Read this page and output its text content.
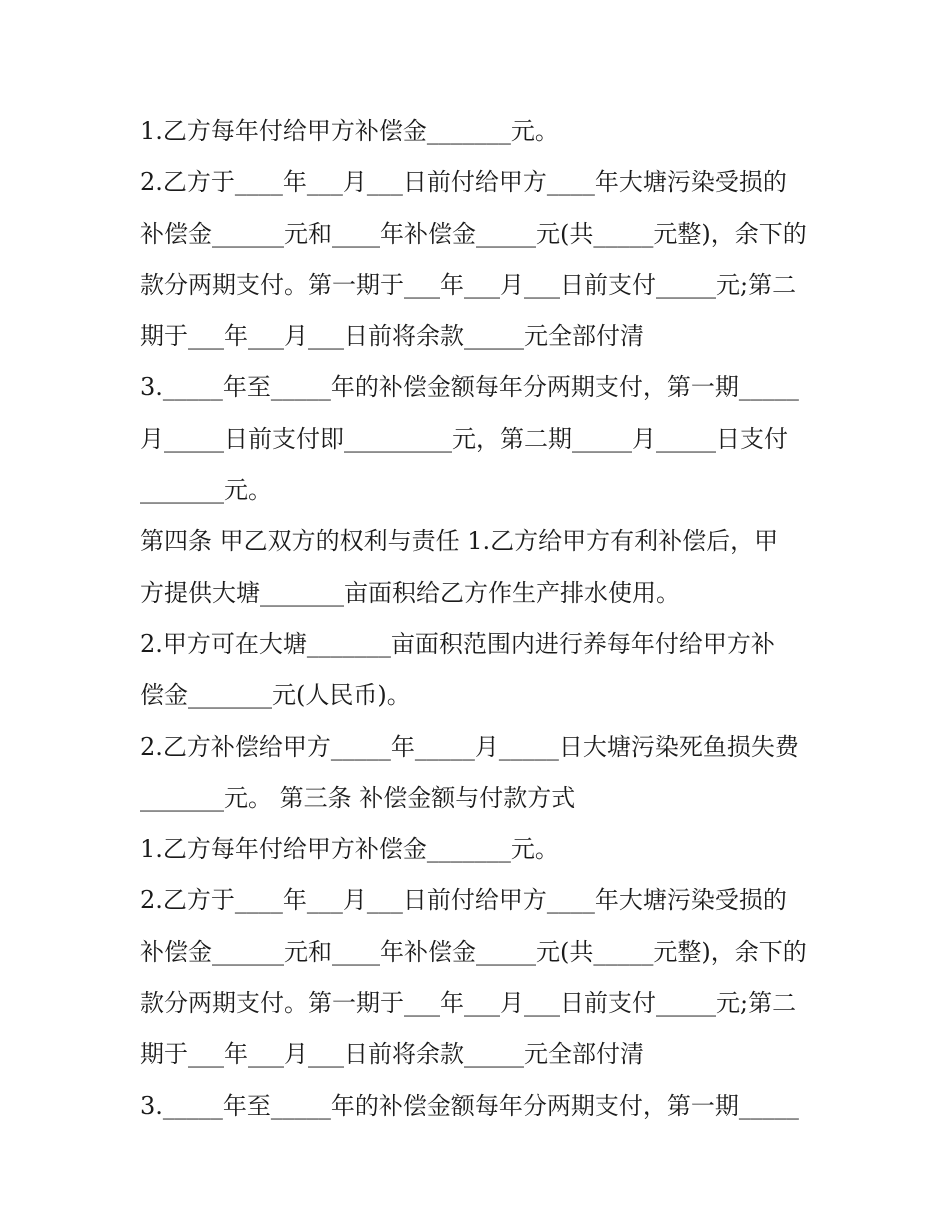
1.乙方每年付给甲方补偿金_______元。
2.乙方于____年___月___日前付给甲方____年大塘污染受损的
补偿金______元和____年补偿金_____元(共_____元整)，余下的
款分两期支付。第一期于___年___月___日前支付_____元;第二
期于___年___月___日前将余款_____元全部付清
3._____年至_____年的补偿金额每年分两期支付，第一期_____
月_____日前支付即_________元，第二期_____月_____日支付
_______元。
第四条 甲乙双方的权利与责任 1.乙方给甲方有利补偿后，甲
方提供大塘_______亩面积给乙方作生产排水使用。
2.甲方可在大塘_______亩面积范围内进行养每年付给甲方补
偿金_______元(人民币)。
2.乙方补偿给甲方_____年_____月_____日大塘污染死鱼损失费
_______元。 第三条 补偿金额与付款方式
1.乙方每年付给甲方补偿金_______元。
2.乙方于____年___月___日前付给甲方____年大塘污染受损的
补偿金______元和____年补偿金_____元(共_____元整)，余下的
款分两期支付。第一期于___年___月___日前支付_____元;第二
期于___年___月___日前将余款_____元全部付清
3._____年至_____年的补偿金额每年分两期支付，第一期_____
